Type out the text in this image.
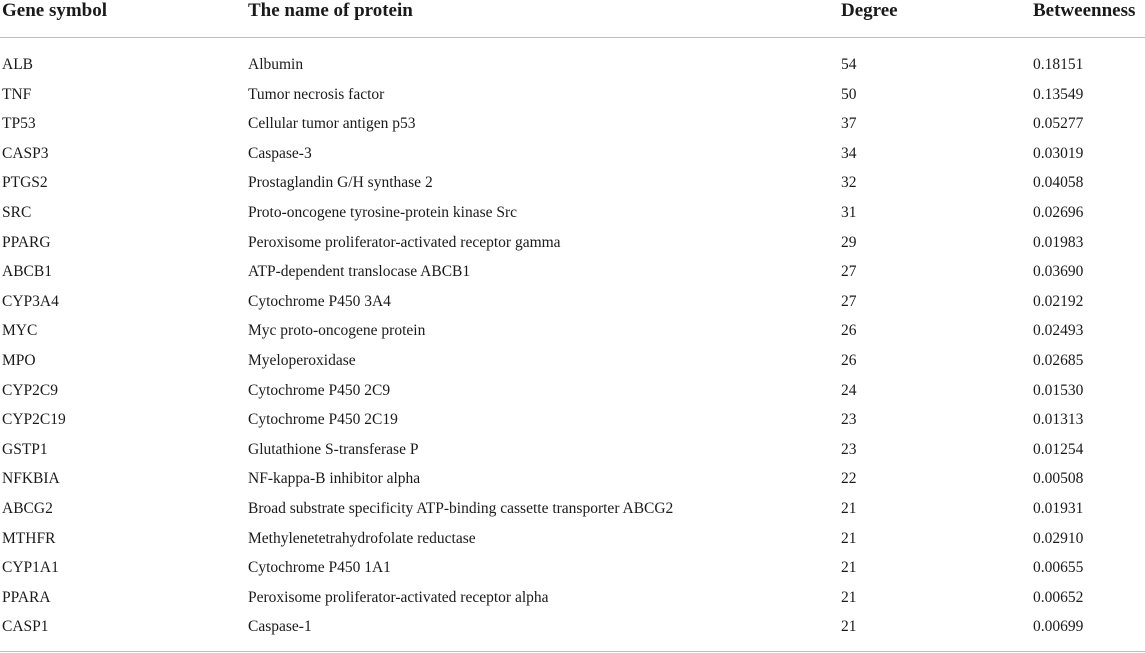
Gene symbol	The name of protein	Degree	Betweenness
ALB	Albumin	54	0.18151
TNF	Tumor necrosis factor	50	0.13549
TP53	Cellular tumor antigen p53	37	0.05277
CASP3	Caspase-3	34	0.03019
PTGS2	Prostaglandin G/H synthase 2	32	0.04058
SRC	Proto-oncogene tyrosine-protein kinase Src	31	0.02696
PPARG	Peroxisome proliferator-activated receptor gamma	29	0.01983
ABCB1	ATP-dependent translocase ABCB1	27	0.03690
CYP3A4	Cytochrome P450 3A4	27	0.02192
MYC	Myc proto-oncogene protein	26	0.02493
MPO	Myeloperoxidase	26	0.02685
CYP2C9	Cytochrome P450 2C9	24	0.01530
CYP2C19	Cytochrome P450 2C19	23	0.01313
GSTP1	Glutathione S-transferase P	23	0.01254
NFKBIA	NF-kappa-B inhibitor alpha	22	0.00508
ABCG2	Broad substrate specificity ATP-binding cassette transporter ABCG2	21	0.01931
MTHFR	Methylenetetrahydrofolate reductase	21	0.02910
CYP1A1	Cytochrome P450 1A1	21	0.00655
PPARA	Peroxisome proliferator-activated receptor alpha	21	0.00652
CASP1	Caspase-1	21	0.00699
